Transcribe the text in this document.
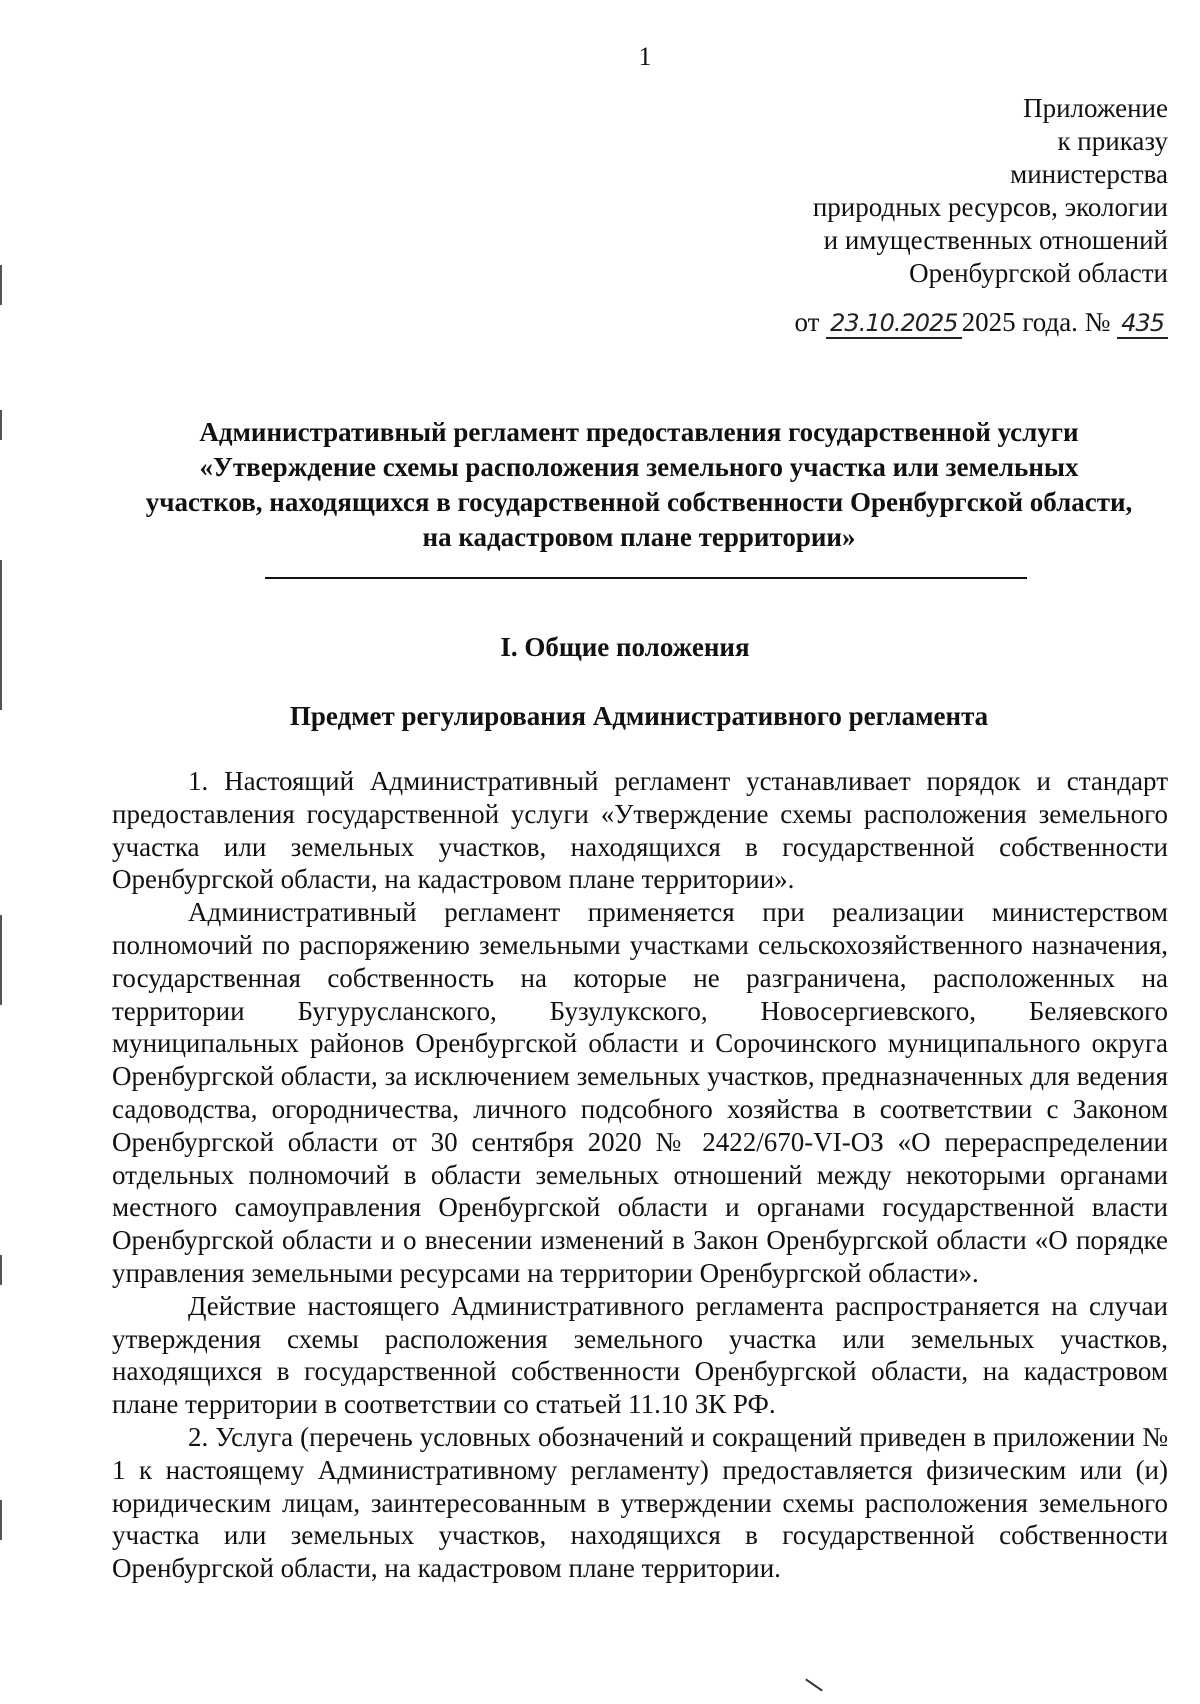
1
Приложение
к приказу
министерства
природных ресурсов, экологии
и имущественных отношений
Оренбургской области
от 23.10.2025 2025 года. № 435
Административный регламент предоставления государственной услуги
«Утверждение схемы расположения земельного участка или земельных
участков, находящихся в государственной собственности Оренбургской области,
на кадастровом плане территории»
I. Общие положения
Предмет регулирования Административного регламента

1. Настоящий Административный регламент устанавливает порядок и стандарт предоставления государственной услуги «Утверждение схемы расположения земельного участка или земельных участков, находящихся в государственной собственности Оренбургской области, на кадастровом плане территории».

Административный регламент применяется при реализации министерством полномочий по распоряжению земельными участками сельскохозяйственного назначения, государственная собственность на которые не разграничена, расположенных на территории Бугурусланского, Бузулукского, Новосергиевского, Беляевского муниципальных районов Оренбургской области и Сорочинского муниципального округа Оренбургской области, за исключением земельных участков, предназначенных для ведения садоводства, огородничества, личного подсобного хозяйства в соответствии с Законом Оренбургской области от 30 сентября 2020 № 2422/670-VI-ОЗ «О перераспределении отдельных полномочий в области земельных отношений между некоторыми органами местного самоуправления Оренбургской области и органами государственной власти Оренбургской области и о внесении изменений в Закон Оренбургской области «О порядке управления земельными ресурсами на территории Оренбургской области».

Действие настоящего Административного регламента распространяется на случаи утверждения схемы расположения земельного участка или земельных участков, находящихся в государственной собственности Оренбургской области, на кадастровом плане территории в соответствии со статьей 11.10 ЗК РФ.

2. Услуга (перечень условных обозначений и сокращений приведен в приложении № 1 к настоящему Административному регламенту) предоставляется физическим или (и) юридическим лицам, заинтересованным в утверждении схемы расположения земельного участка или земельных участков, находящихся в государственной собственности Оренбургской области, на кадастровом плане территории.
